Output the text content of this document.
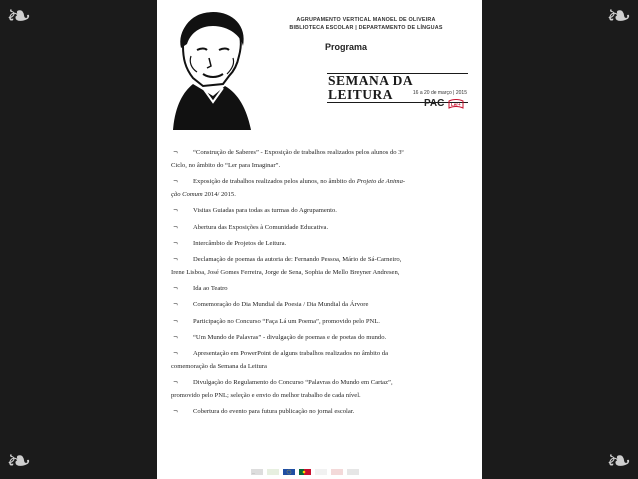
❧	❧
❧	❧
AGRUPAMENTO VERTICAL MANOEL DE OLIVEIRA
BIBLIOTECA ESCOLAR | DEPARTAMENTO DE LÍNGUAS
Programa
SEMANA DA LEITURA	16 a 20 de março | 2015
PAC Ler+
¬ “Construção de Saberes” - Exposição de trabalhos realizados pelos alunos do 3º
Ciclo, no âmbito do “Ler para Imaginar”.
¬ Exposição de trabalhos realizados pelos alunos, no âmbito do Projeto de Anima-
ção Comum 2014/ 2015.
¬ Visitas Guiadas para todas as turmas do Agrupamento.
¬ Abertura das Exposições à Comunidade Educativa.
¬ Intercâmbio de Projetos de Leitura.
¬ Declamação de poemas da autoria de: Fernando Pessoa, Mário de Sá-Carneiro,
Irene Lisboa, José Gomes Ferreira, Jorge de Sena, Sophia de Mello Breyner Andresen,
¬ Ida ao Teatro
¬ Comemoração do Dia Mundial da Poesia / Dia Mundial da Árvore
¬ Participação no Concurso “Faça Lá um Poema”, promovido pelo PNL.
¬ “Um Mundo de Palavras” - divulgação de poemas e de poetas do mundo.
¬ Apresentação em PowerPoint de alguns trabalhos realizados no âmbito da
comemoração da Semana da Leitura
¬ Divulgação do Regulamento do Concurso “Palavras do Mundo em Cartaz”,
promovido pelo PNL; seleção e envio do melhor trabalho de cada nível.
¬ Cobertura do evento para futura publicação no jornal escolar.
…
